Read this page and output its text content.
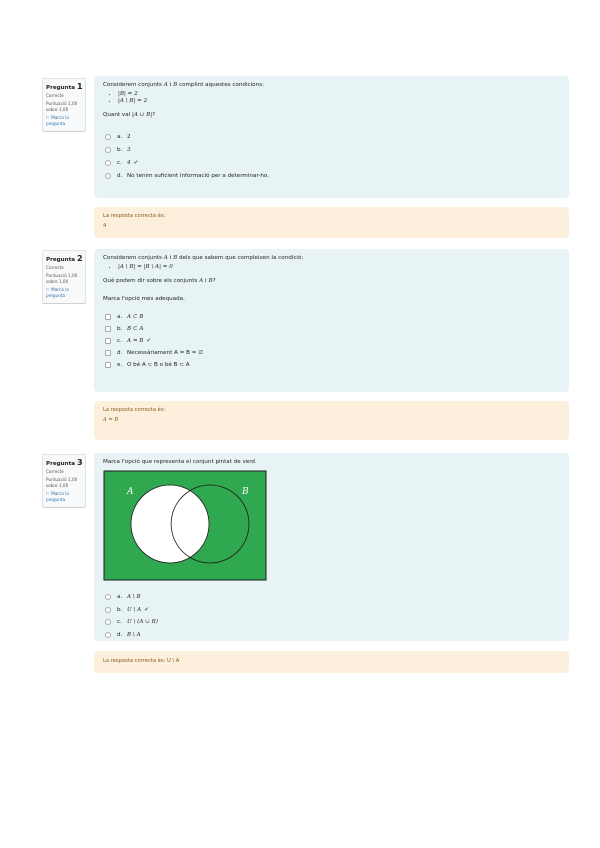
Pregunta 1
Correcte
Puntuació 1,00 sobre 1,00
⚐ Marca la pregunta
Considerem conjunts A i B complint aquestes condicions:
• |B| = 2
• |A \ B| = 2
Quant val |A ∪ B|?
a. 2
b. 3
c. 4 ✔
d. No tenim suficient informació per a determinar-ho.
La resposta correcta és:
4
Pregunta 2
Correcte
Puntuació 1,00 sobre 1,00
⚐ Marca la pregunta
Considerem conjunts A i B dels que sabem que compleixen la condició:
• |A \ B| = |B \ A| = 0
Què podem dir sobre els conjunts A i B?
Marca l'opció més adequada.
a. A ⊂ B
b. B ⊂ A
c. A = B ✔
d. Necessàriament A = B = ∅
e. O bé A ⊂ B o bé B ⊂ A
La resposta correcta és:
A = B
Pregunta 3
Correcte
Puntuació 1,00 sobre 1,00
⚐ Marca la pregunta
Marca l'opció que representa el conjunt pintat de verd.
A	B
a. A \ B
b. U \ A ✔
c. U \ (A ∪ B)
d. B \ A
La resposta correcta és: U \ A
